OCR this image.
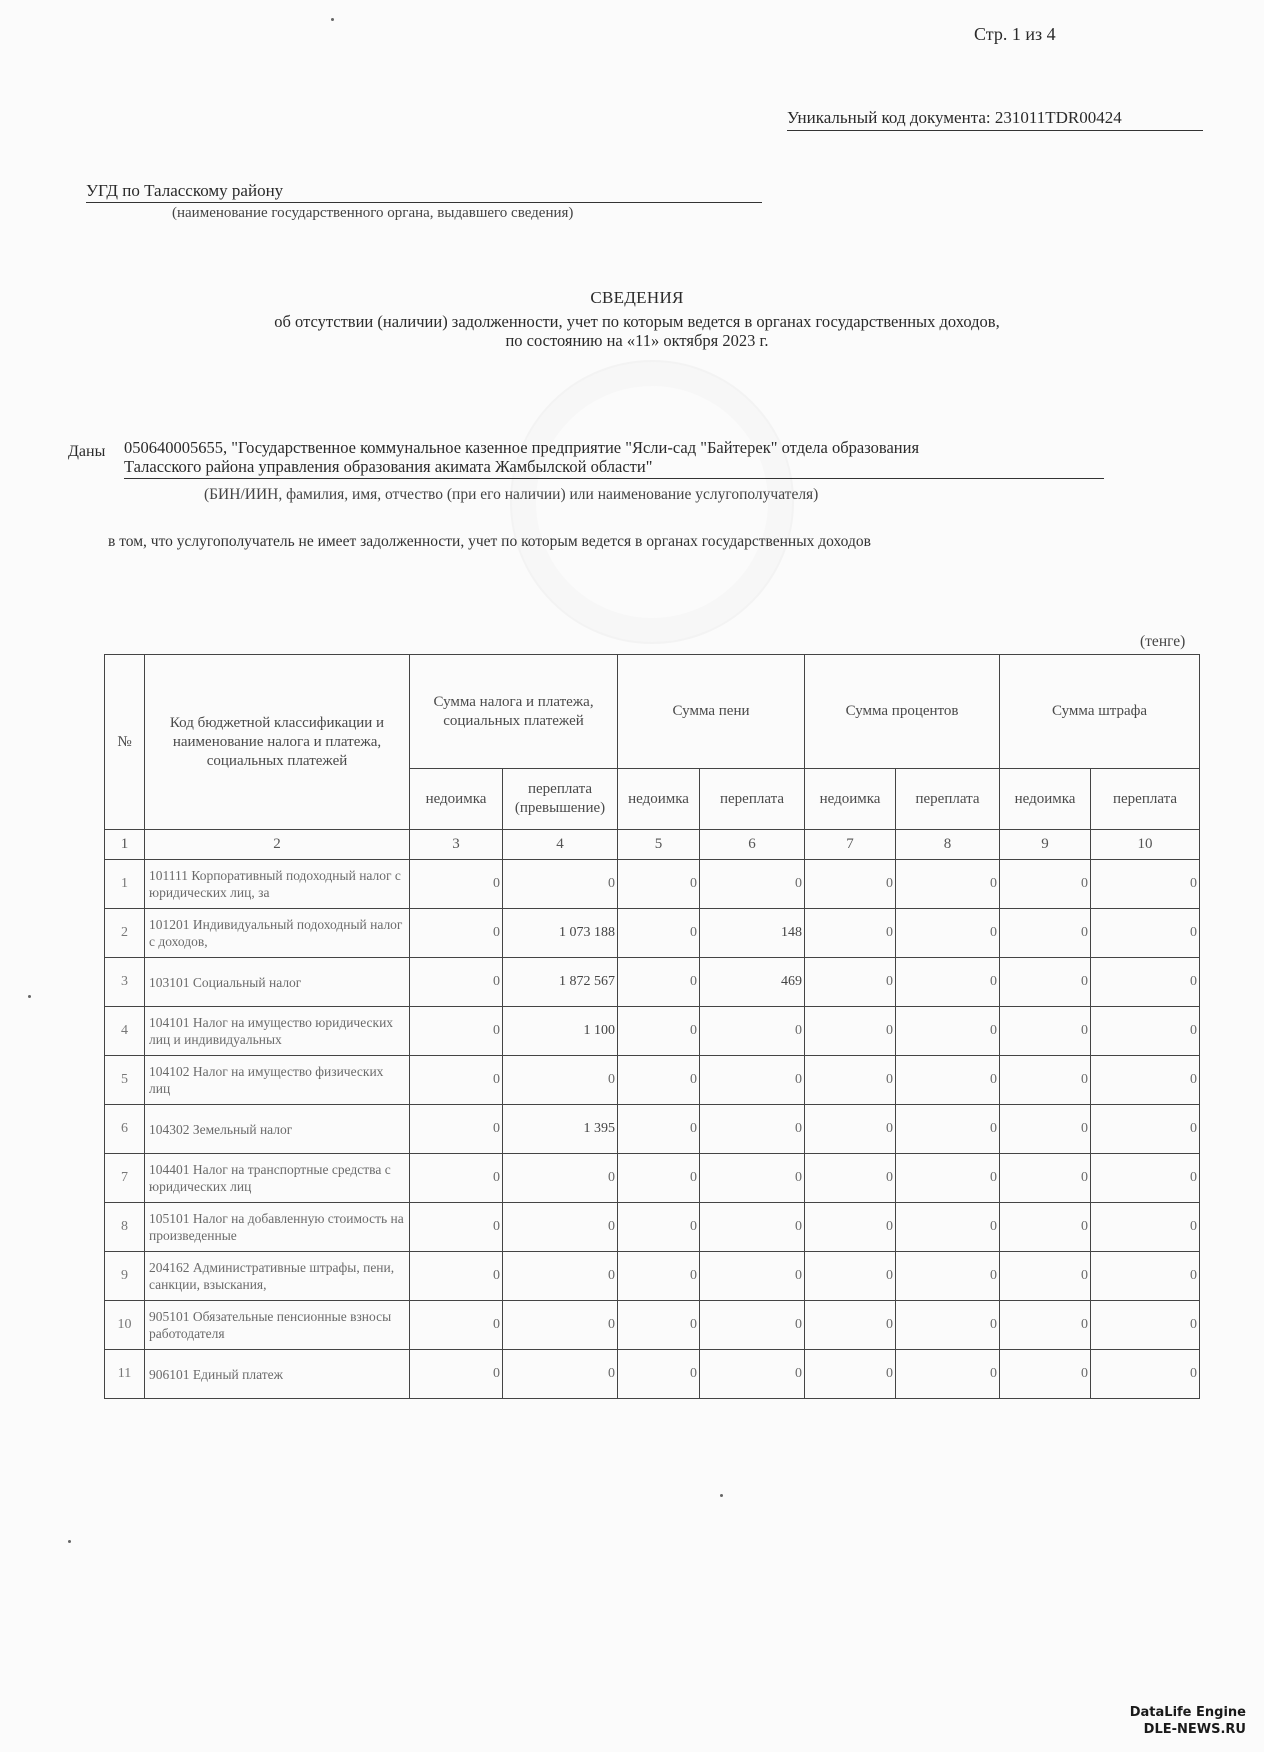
Стр. 1 из 4
Уникальный код документа: 231011TDR00424
УГД по Таласскому району
(наименование государственного органа, выдавшего сведения)
СВЕДЕНИЯ
об отсутствии (наличии) задолженности, учет по которым ведется в органах государственных доходов,
по состоянию на «11» октября 2023 г.
Даны 050640005655, "Государственное коммунальное казенное предприятие "Ясли-сад "Байтерек" отдела образования
Таласского района управления образования акимата Жамбылской области"
(БИН/ИИН, фамилия, имя, отчество (при его наличии) или наименование услугополучателя)
в том, что услугополучатель не имеет задолженности, учет по которым ведется в органах государственных доходов
(тенге)
№	Код бюджетной классификации и наименование налога и платежа, социальных платежей	Сумма налога и платежа, социальных платежей		Сумма пени		Сумма процентов		Сумма штрафа	
		недоимка	переплата (превышение)	недоимка	переплата	недоимка	переплата	недоимка	переплата
1	2	3	4	5	6	7	8	9	10
1	101111 Корпоративный подоходный налог с юридических лиц, за	0	0	0	0	0	0	0	0
2	101201 Индивидуальный подоходный налог с доходов,	0	1 073 188	0	148	0	0	0	0
3	103101 Социальный налог	0	1 872 567	0	469	0	0	0	0
4	104101 Налог на имущество юридических лиц и индивидуальных	0	1 100	0	0	0	0	0	0
5	104102 Налог на имущество физических лиц	0	0	0	0	0	0	0	0
6	104302 Земельный налог	0	1 395	0	0	0	0	0	0
7	104401 Налог на транспортные средства с юридических лиц	0	0	0	0	0	0	0	0
8	105101 Налог на добавленную стоимость на произведенные	0	0	0	0	0	0	0	0
9	204162 Административные штрафы, пени, санкции, взыскания,	0	0	0	0	0	0	0	0
10	905101 Обязательные пенсионные взносы работодателя	0	0	0	0	0	0	0	0
11	906101 Единый платеж	0	0	0	0	0	0	0	0
DataLife Engine
DLE-NEWS.RU
